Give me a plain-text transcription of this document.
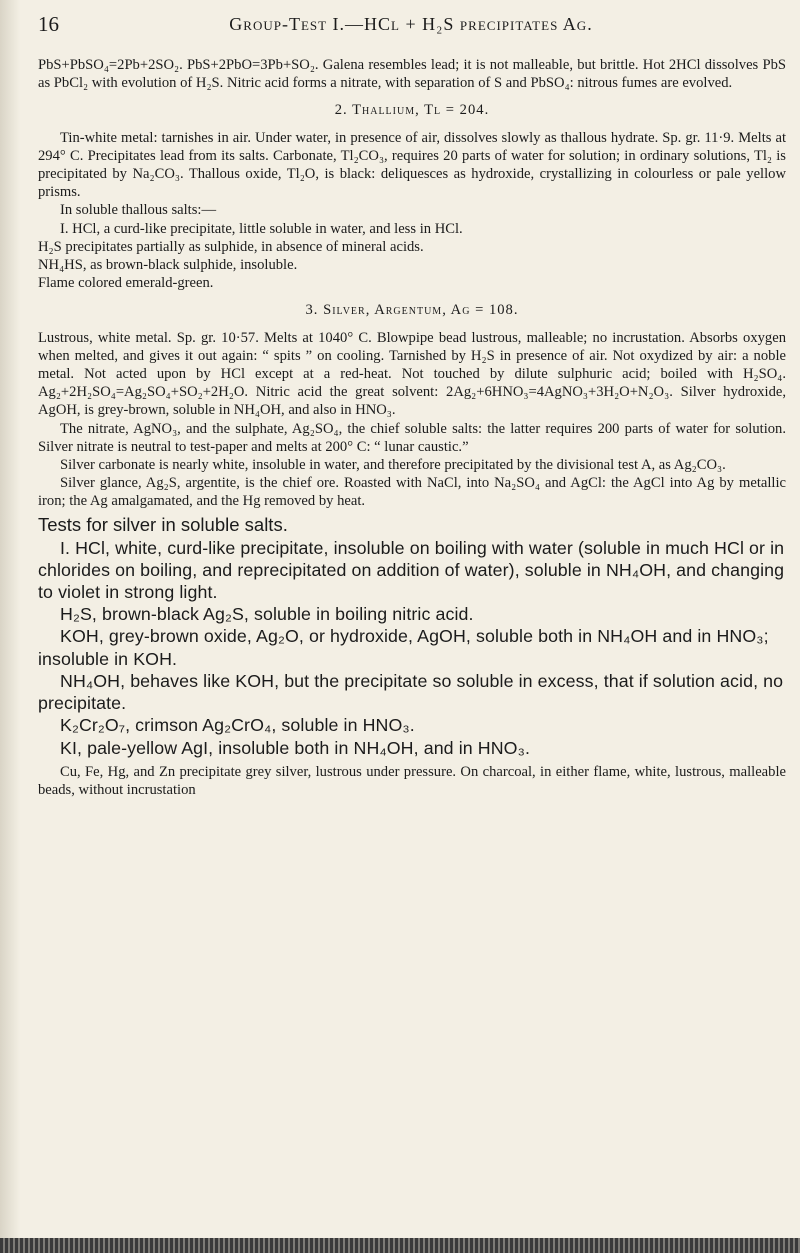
16	Group-Test I.—HCl + H₂S precipitates Ag.

PbS+PbSO₄=2Pb+2SO₂. PbS+2PbO=3Pb+SO₂. Galena resembles lead; it is not malleable, but brittle. Hot 2HCl dissolves PbS as PbCl₂ with evolution of H₂S. Nitric acid forms a nitrate, with separation of S and PbSO₄: nitrous fumes are evolved.

2. Thallium, Tl = 204.

Tin-white metal: tarnishes in air. Under water, in presence of air, dissolves slowly as thallous hydrate. Sp. gr. 11·9. Melts at 294° C. Precipitates lead from its salts. Carbonate, Tl₂CO₃, requires 20 parts of water for solution; in ordinary solutions, Tl₂ is precipitated by Na₂CO₃. Thallous oxide, Tl₂O, is black: deliquesces as hydroxide, crystallizing in colourless or pale yellow prisms.

In soluble thallous salts:—

I. HCl, a curd-like precipitate, little soluble in water, and less in HCl.

H₂S precipitates partially as sulphide, in absence of mineral acids.

NH₄HS, as brown-black sulphide, insoluble.

Flame colored emerald-green.

3. Silver, Argentum, Ag = 108.

Lustrous, white metal. Sp. gr. 10·57. Melts at 1040° C. Blowpipe bead lustrous, malleable; no incrustation. Absorbs oxygen when melted, and gives it out again: “ spits ” on cooling. Tarnished by H₂S in presence of air. Not oxydized by air: a noble metal. Not acted upon by HCl except at a red-heat. Not touched by dilute sulphuric acid; boiled with H₂SO₄. Ag₂+2H₂SO₄=Ag₂SO₄+SO₂+2H₂O. Nitric acid the great solvent: 2Ag₂+6HNO₃=4AgNO₃+3H₂O+N₂O₃. Silver hydroxide, AgOH, is grey-brown, soluble in NH₄OH, and also in HNO₃.

The nitrate, AgNO₃, and the sulphate, Ag₂SO₄, the chief soluble salts: the latter requires 200 parts of water for solution. Silver nitrate is neutral to test-paper and melts at 200° C: “ lunar caustic.”

Silver carbonate is nearly white, insoluble in water, and therefore precipitated by the divisional test A, as Ag₂CO₃.

Silver glance, Ag₂S, argentite, is the chief ore. Roasted with NaCl, into Na₂SO₄ and AgCl: the AgCl into Ag by metallic iron; the Ag amalgamated, and the Hg removed by heat.

Tests for silver in soluble salts.

I. HCl, white, curd-like precipitate, insoluble on boiling with water (soluble in much HCl or in chlorides on boiling, and reprecipitated on addition of water), soluble in NH₄OH, and changing to violet in strong light.

H₂S, brown-black Ag₂S, soluble in boiling nitric acid.

KOH, grey-brown oxide, Ag₂O, or hydroxide, AgOH, soluble both in NH₄OH and in HNO₃; insoluble in KOH.

NH₄OH, behaves like KOH, but the precipitate so soluble in excess, that if solution acid, no precipitate.

K₂Cr₂O₇, crimson Ag₂CrO₄, soluble in HNO₃.

KI, pale-yellow AgI, insoluble both in NH₄OH, and in HNO₃.

Cu, Fe, Hg, and Zn precipitate grey silver, lustrous under pressure. On charcoal, in either flame, white, lustrous, malleable beads, without incrustation
